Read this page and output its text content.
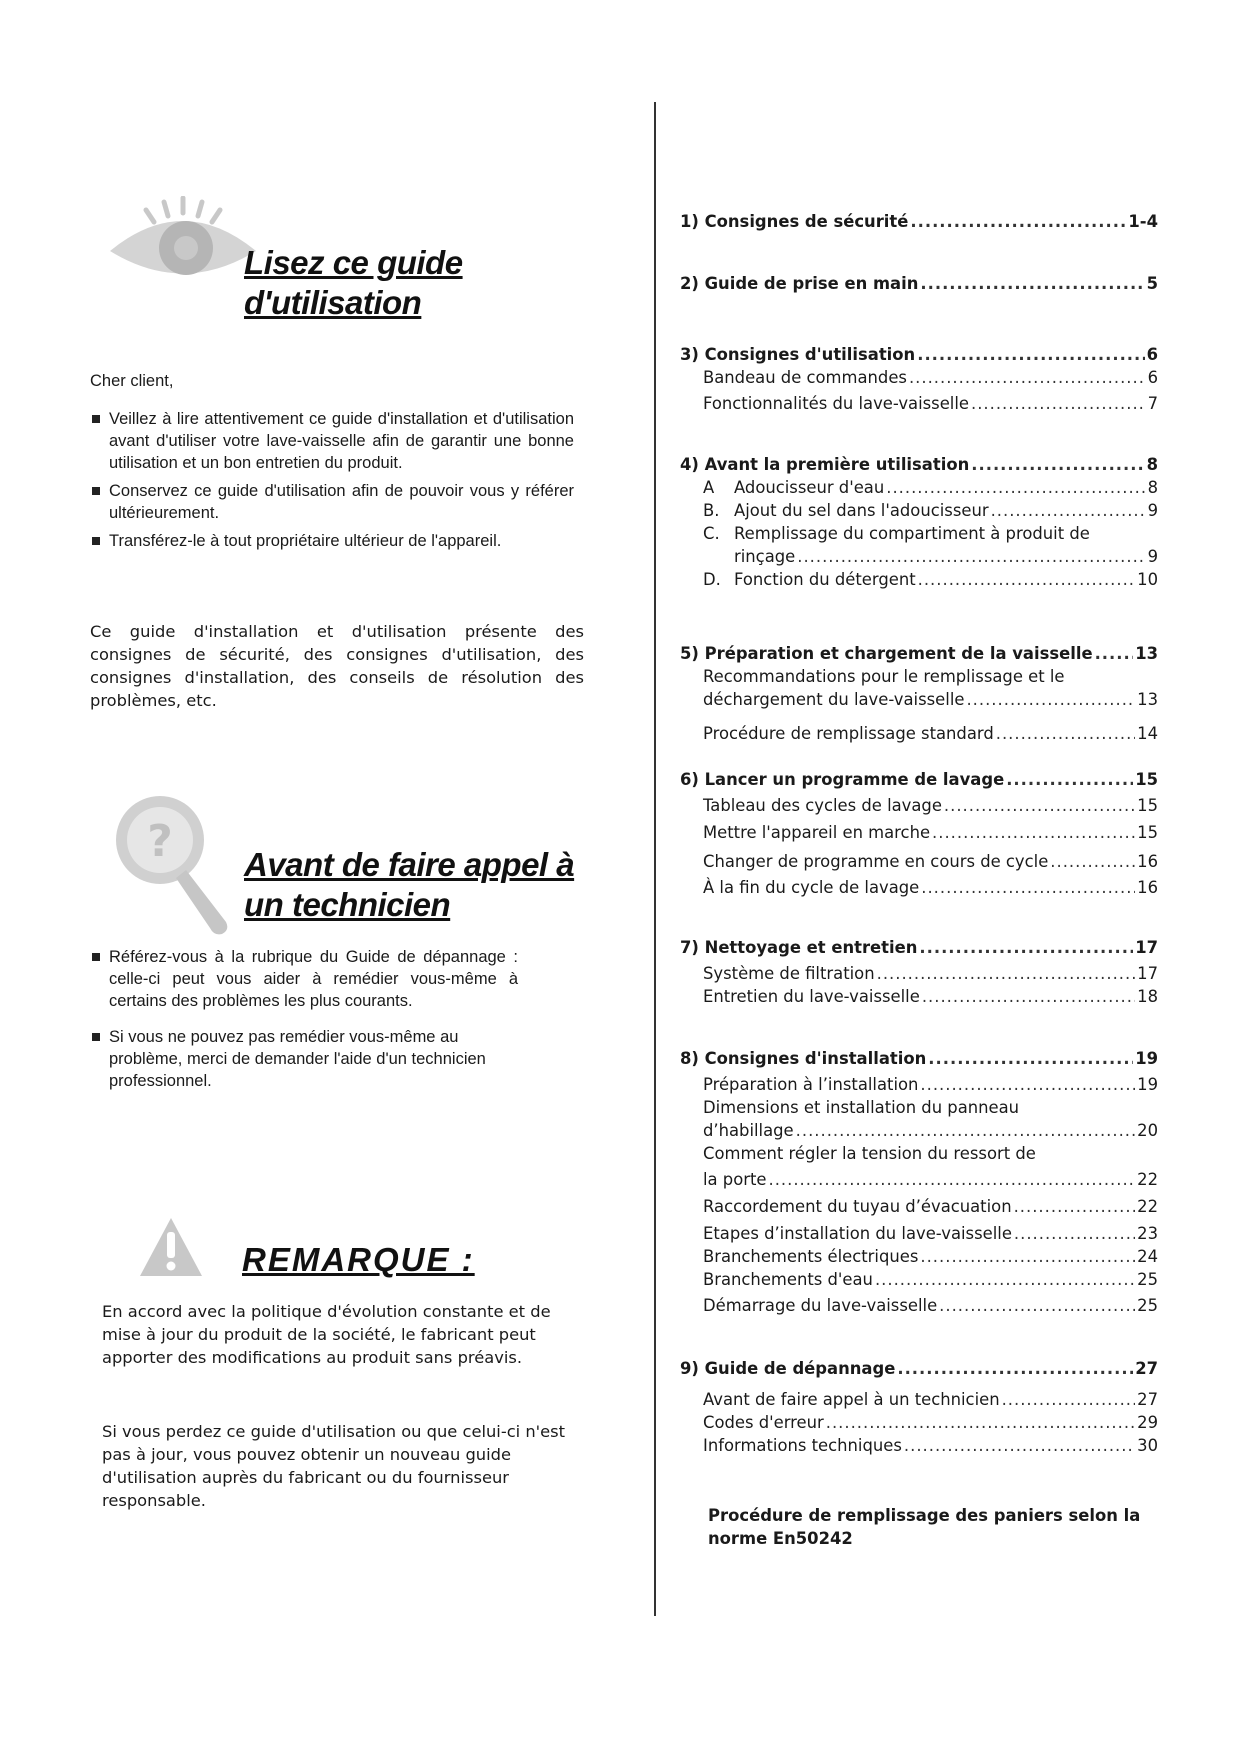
Lisez ce guide
d'utilisation
Cher client,
Veillez à lire attentivement ce guide d'installation et d'utilisation avant d'utiliser votre lave-vaisselle afin de garantir une bonne utilisation et un bon entretien du produit.
Conservez ce guide d'utilisation afin de pouvoir vous y référer ultérieurement.
Transférez-le à tout propriétaire ultérieur de l'appareil.

Ce guide d'installation et d'utilisation présente des consignes de sécurité, des consignes d'utilisation, des consignes d'installation, des conseils de résolution des problèmes, etc.

? Avant de faire appel à
un technicien
Référez-vous à la rubrique du Guide de dépannage : celle-ci peut vous aider à remédier vous-même à certains des problèmes les plus courants.
Si vous ne pouvez pas remédier vous-même au problème, merci de demander l'aide d'un technicien professionnel.
REMARQUE :

En accord avec la politique d'évolution constante et de mise à jour du produit de la société, le fabricant peut apporter des modifications au produit sans préavis.

Si vous perdez ce guide d'utilisation ou que celui-ci n'est pas à jour, vous pouvez obtenir un nouveau guide d'utilisation auprès du fabricant ou du fournisseur responsable.

1) Consignes de sécurité .....	1-4
2) Guide de prise en main .....	5
3) Consignes d'utilisation .....	6
Bandeau de commandes .....	6
Fonctionnalités du lave-vaisselle .....	7
4) Avant la première utilisation .....	8
A Adoucisseur d'eau .....	8
B. Ajout du sel dans l'adoucisseur .....	9
C. Remplissage du compartiment à produit de
rinçage .....	9
D. Fonction du détergent .....	10
5) Préparation et chargement de la vaisselle .....	13
Recommandations pour le remplissage et le
déchargement du lave-vaisselle .....	13
Procédure de remplissage standard .....	14
6) Lancer un programme de lavage .....	15
Tableau des cycles de lavage .....	15
Mettre l'appareil en marche .....	15
Changer de programme en cours de cycle .....	16
À la fin du cycle de lavage .....	16
7) Nettoyage et entretien .....	17
Système de filtration .....	17
Entretien du lave-vaisselle .....	18
8) Consignes d'installation .....	19
Préparation à l’installation .....	19
Dimensions et installation du panneau
d’habillage .....	20
Comment régler la tension du ressort de
la porte .....	22
Raccordement du tuyau d’évacuation .....	22
Etapes d’installation du lave-vaisselle .....	23
Branchements électriques .....	24
Branchements d'eau .....	25
Démarrage du lave-vaisselle .....	25
9) Guide de dépannage .....	27
Avant de faire appel à un technicien .....	27
Codes d'erreur .....	29
Informations techniques .....	30
Procédure de remplissage des paniers selon la
norme En50242
